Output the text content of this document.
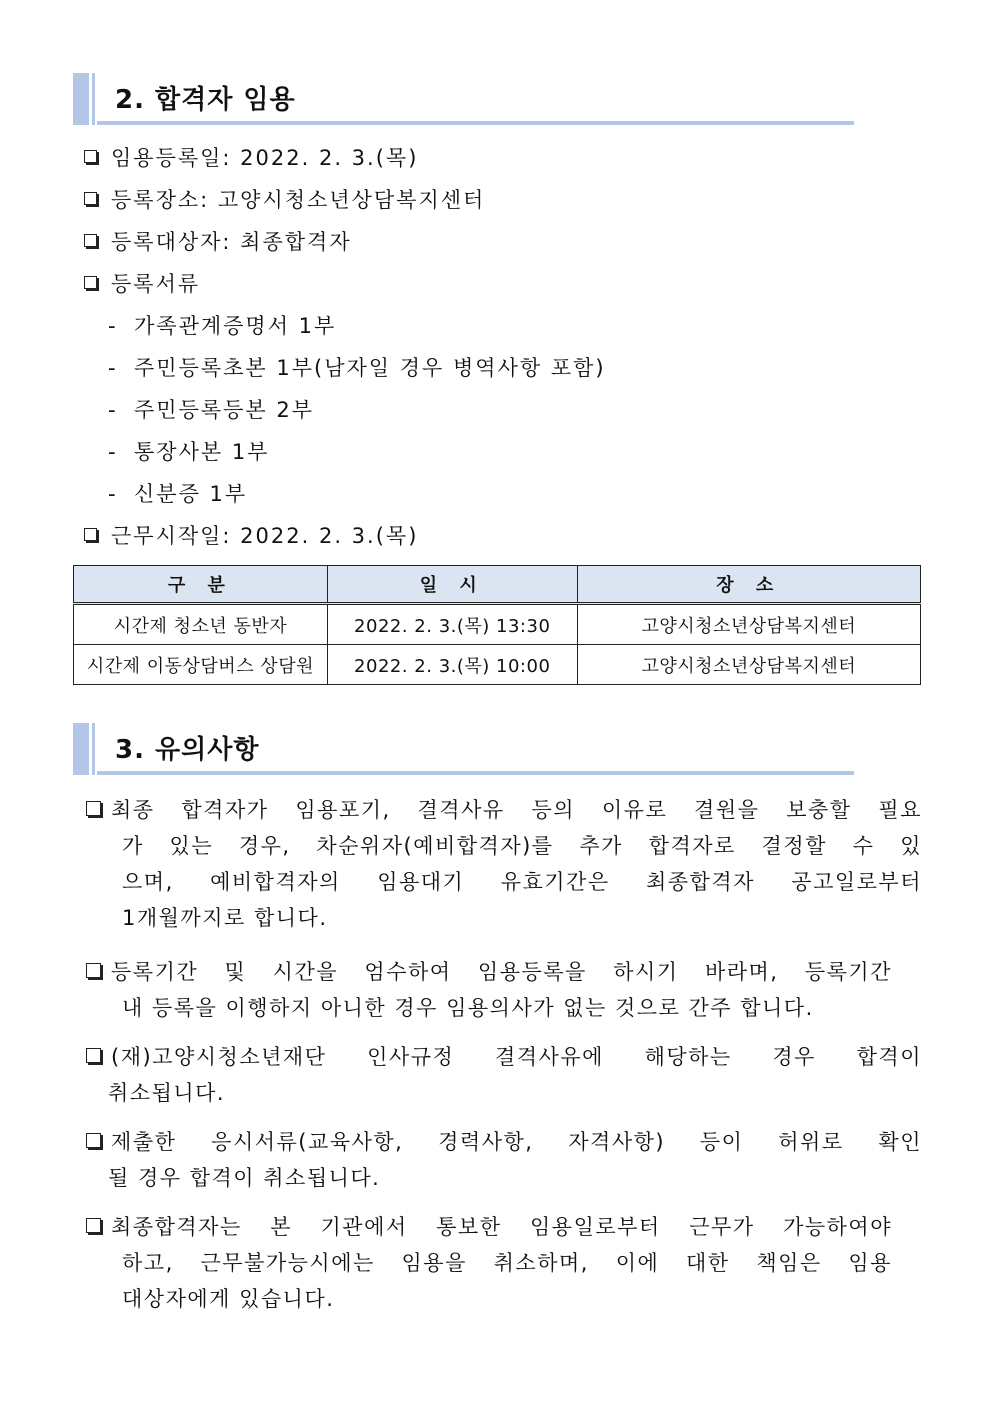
2. 합격자 임용
임용등록일: 2022. 2. 3.(목)
등록장소: 고양시청소년상담복지센터
등록대상자: 최종합격자
등록서류
- 가족관계증명서 1부
- 주민등록초본 1부(남자일 경우 병역사항 포함)
- 주민등록등본 2부
- 통장사본 1부
- 신분증 1부
근무시작일: 2022. 2. 3.(목)
구 분	일 시	장 소
시간제 청소년 동반자	2022. 2. 3.(목) 13:30	고양시청소년상담복지센터
시간제 이동상담버스 상담원	2022. 2. 3.(목) 10:00	고양시청소년상담복지센터
3. 유의사항
최종 합격자가 임용포기, 결격사유 등의 이유로 결원을 보충할 필요
가 있는 경우, 차순위자(예비합격자)를 추가 합격자로 결정할 수 있
으며, 예비합격자의 임용대기 유효기간은 최종합격자 공고일로부터
1개월까지로 합니다.
등록기간 및 시간을 엄수하여 임용등록을 하시기 바라며, 등록기간
내 등록을 이행하지 아니한 경우 임용의사가 없는 것으로 간주 합니다.
(재)고양시청소년재단 인사규정 결격사유에 해당하는 경우 합격이
취소됩니다.
제출한 응시서류(교육사항, 경력사항, 자격사항) 등이 허위로 확인
될 경우 합격이 취소됩니다.
최종합격자는 본 기관에서 통보한 임용일로부터 근무가 가능하여야
하고, 근무불가능시에는 임용을 취소하며, 이에 대한 책임은 임용
대상자에게 있습니다.
